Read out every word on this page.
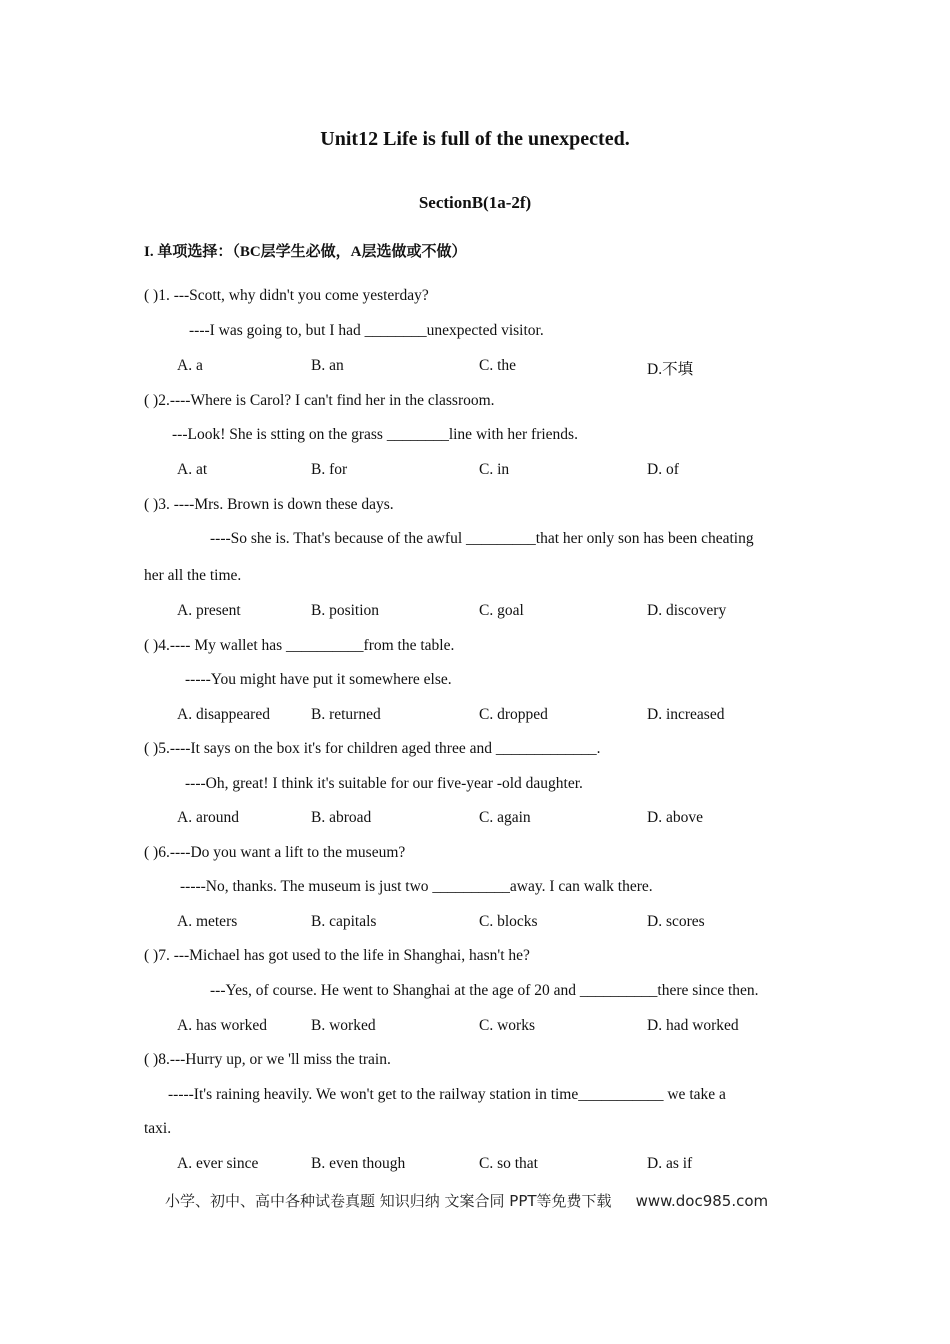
Unit12 Life is full of the unexpected.
SectionB(1a-2f)
I. 单项选择：（BC层学生必做，A层选做或不做）
( )1. ---Scott, why didn't you come yesterday?
----I was going to, but I had ________unexpected visitor.
A. a	B. an	C. the	D.不填
( )2.----Where is Carol? I can't find her in the classroom.
---Look! She is stting on the grass ________line with her friends.
A. at	B. for	C. in	D. of
( )3. ----Mrs. Brown is down these days.
----So she is. That's because of the awful _________that her only son has been cheating
her all the time.
A. present	B. position	C. goal	D. discovery
( )4.---- My wallet has __________from the table.
-----You might have put it somewhere else.
A. disappeared	B. returned	C. dropped	D. increased
( )5.----It says on the box it's for children aged three and _____________.
----Oh, great! I think it's suitable for our five-year -old daughter.
A. around	B. abroad	C. again	D. above
( )6.----Do you want a lift to the museum?
-----No, thanks. The museum is just two __________away. I can walk there.
A. meters	B. capitals	C. blocks	D. scores
( )7. ---Michael has got used to the life in Shanghai, hasn't he?
---Yes, of course. He went to Shanghai at the age of 20 and __________there since then.
A. has worked	B. worked	C. works	D. had worked
( )8.---Hurry up, or we 'll miss the train.
-----It's raining heavily. We won't get to the railway station in time___________ we take a
taxi.
A. ever since	B. even though	C. so that	D. as if
小学、初中、高中各种试卷真题 知识归纳 文案合同 PPT等免费下载 www.doc985.com
